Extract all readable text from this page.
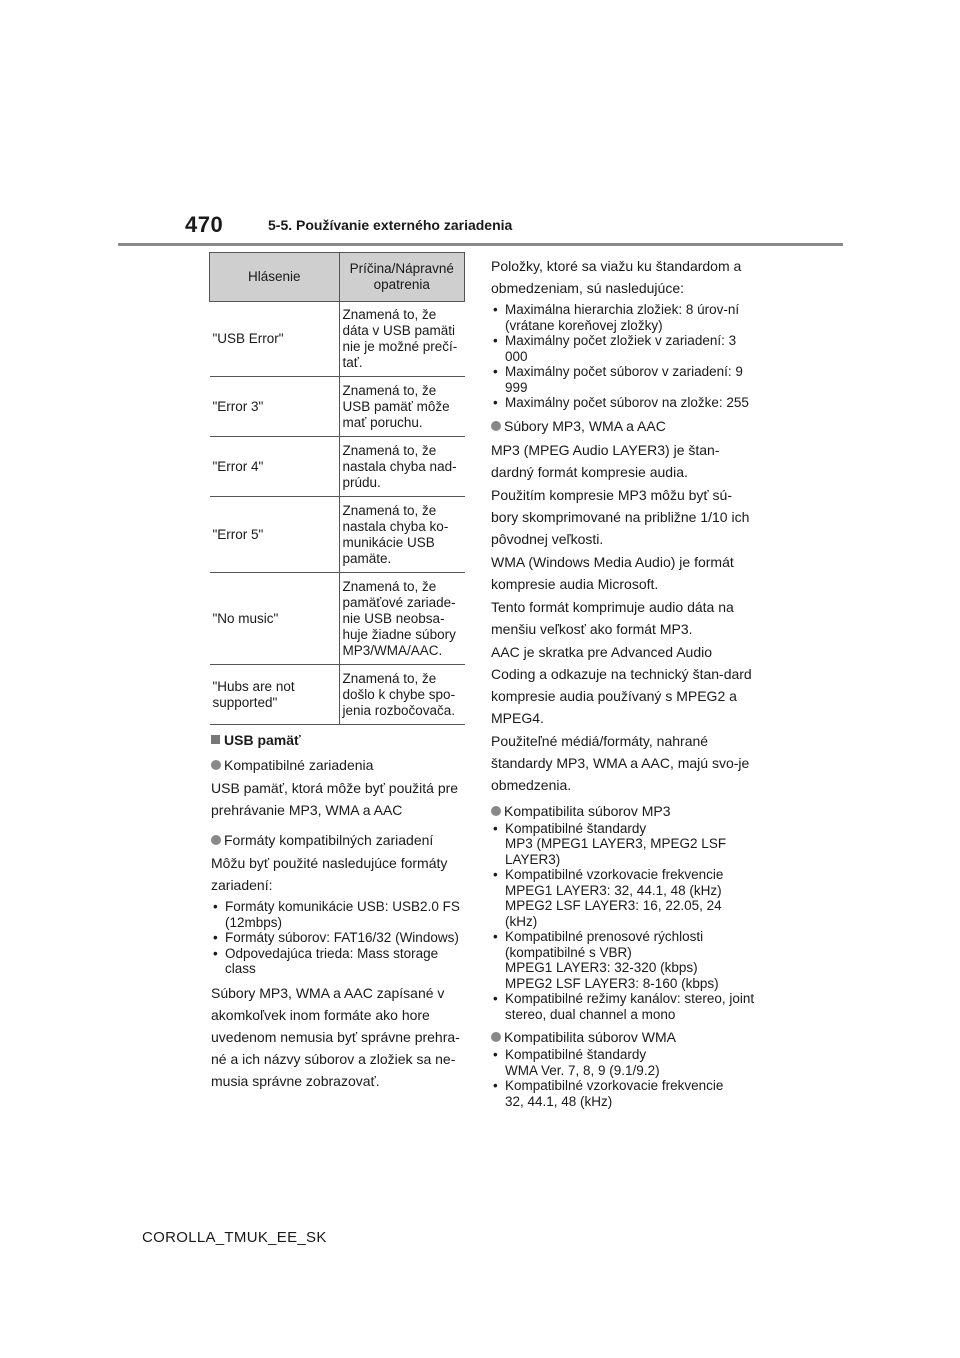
470	5-5. Používanie externého zariadenia
Hlásenie	Príčina/Nápravné opatrenia
"USB Error"	Znamená to, že dáta v USB pamäti nie je možné prečí-tať.
"Error 3"	Znamená to, že USB pamäť môže mať poruchu.
"Error 4"	Znamená to, že nastala chyba nad-prúdu.
"Error 5"	Znamená to, že nastala chyba ko-munikácie USB pamäte.
"No music"	Znamená to, že pamäťové zariade-nie USB neobsa-huje žiadne súbory MP3/WMA/AAC.
"Hubs are not supported"	Znamená to, že došlo k chybe spo-jenia rozbočovača.

USB pamäť

Kompatibilné zariadenia

USB pamäť, ktorá môže byť použitá pre prehrávanie MP3, WMA a AAC

Formáty kompatibilných zariadení

Môžu byť použité nasledujúce formáty zariadení:

• Formáty komunikácie USB: USB2.0 FS (12mbps)
• Formáty súborov: FAT16/32 (Windows)
• Odpovedajúca trieda: Mass storage class

Súbory MP3, WMA a AAC zapísané v akomkoľvek inom formáte ako hore uvedenom nemusia byť správne prehra-né a ich názvy súborov a zložiek sa ne-musia správne zobrazovať.

Položky, ktoré sa viažu ku štandardom a obmedzeniam, sú nasledujúce:

• Maximálna hierarchia zložiek: 8 úrov-ní (vrátane koreňovej zložky)
• Maximálny počet zložiek v zariadení: 3 000
• Maximálny počet súborov v zariadení: 9 999
• Maximálny počet súborov na zložke: 255

Súbory MP3, WMA a AAC

MP3 (MPEG Audio LAYER3) je štan-dardný formát kompresie audia.

Použitím kompresie MP3 môžu byť sú-bory skomprimované na približne 1/10 ich pôvodnej veľkosti.

WMA (Windows Media Audio) je formát kompresie audia Microsoft.

Tento formát komprimuje audio dáta na menšiu veľkosť ako formát MP3.

AAC je skratka pre Advanced Audio Coding a odkazuje na technický štan-dard kompresie audia používaný s MPEG2 a MPEG4.

Použiteľné médiá/formáty, nahrané štandardy MP3, WMA a AAC, majú svo-je obmedzenia.

Kompatibilita súborov MP3

• Kompatibilné štandardy
MP3 (MPEG1 LAYER3, MPEG2 LSF LAYER3)
• Kompatibilné vzorkovacie frekvencie
MPEG1 LAYER3: 32, 44.1, 48 (kHz)
MPEG2 LSF LAYER3: 16, 22.05, 24 (kHz)
• Kompatibilné prenosové rýchlosti (kompatibilné s VBR)
MPEG1 LAYER3: 32-320 (kbps)
MPEG2 LSF LAYER3: 8-160 (kbps)
• Kompatibilné režimy kanálov: stereo, joint stereo, dual channel a mono

Kompatibilita súborov WMA

• Kompatibilné štandardy
WMA Ver. 7, 8, 9 (9.1/9.2)
• Kompatibilné vzorkovacie frekvencie
32, 44.1, 48 (kHz)
COROLLA_TMUK_EE_SK
